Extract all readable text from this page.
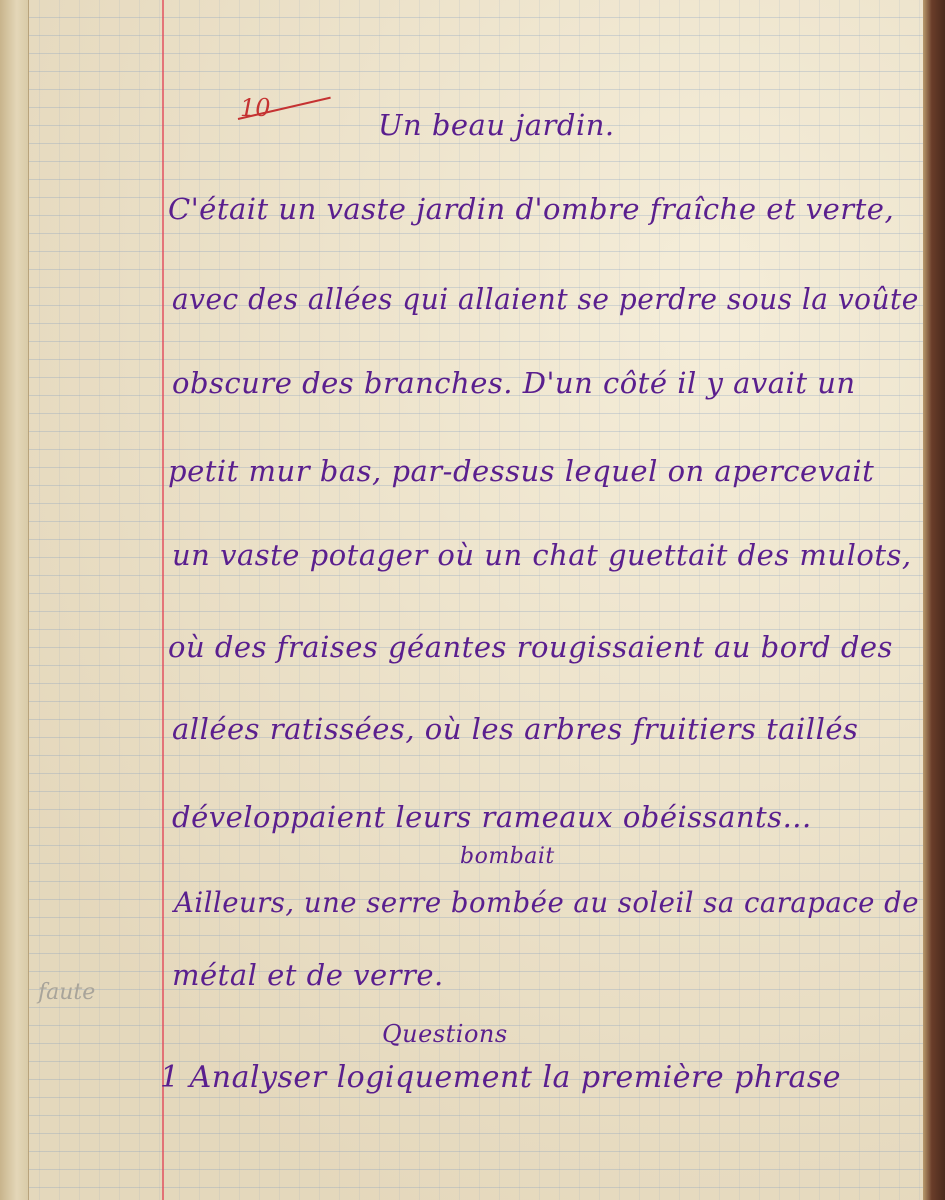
10	Un beau jardin.
C'était un vaste jardin d'ombre fraîche et verte,
avec des allées qui allaient se perdre sous la voûte
obscure des branches. D'un côté il y avait un
petit mur bas, par-dessus lequel on apercevait
un vaste potager où un chat guettait des mulots,
où des fraises géantes rougissaient au bord des
allées ratissées, où les arbres fruitiers taillés
développaient leurs rameaux obéissants...
bombait
Ailleurs, une serre bombée au soleil sa carapace de
métal et de verre.
faute
Questions
1 Analyser logiquement la première phrase
